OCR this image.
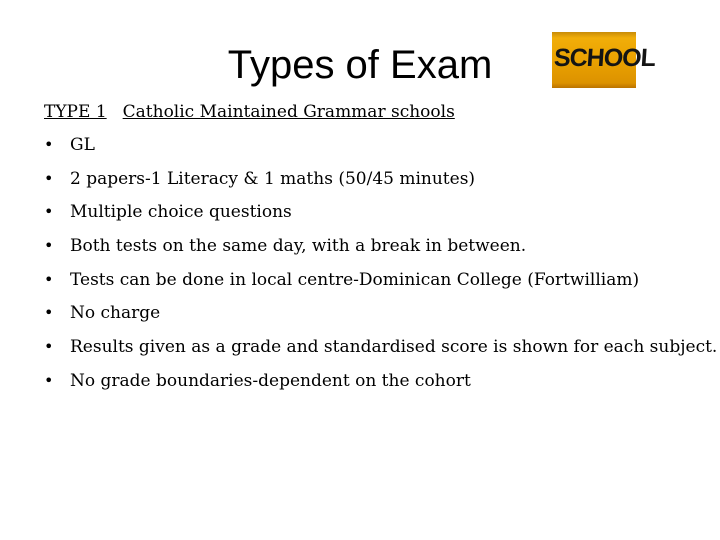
Types of Exam	SCHOOL
TYPE 1 Catholic Maintained Grammar schools
• GL
• 2 papers-1 Literacy & 1 maths (50/45 minutes)
• Multiple choice questions
• Both tests on the same day, with a break in between.
• Tests can be done in local centre-Dominican College (Fortwilliam)
• No charge
• Results given as a grade and standardised score is shown for each subject.
• No grade boundaries-dependent on the cohort
